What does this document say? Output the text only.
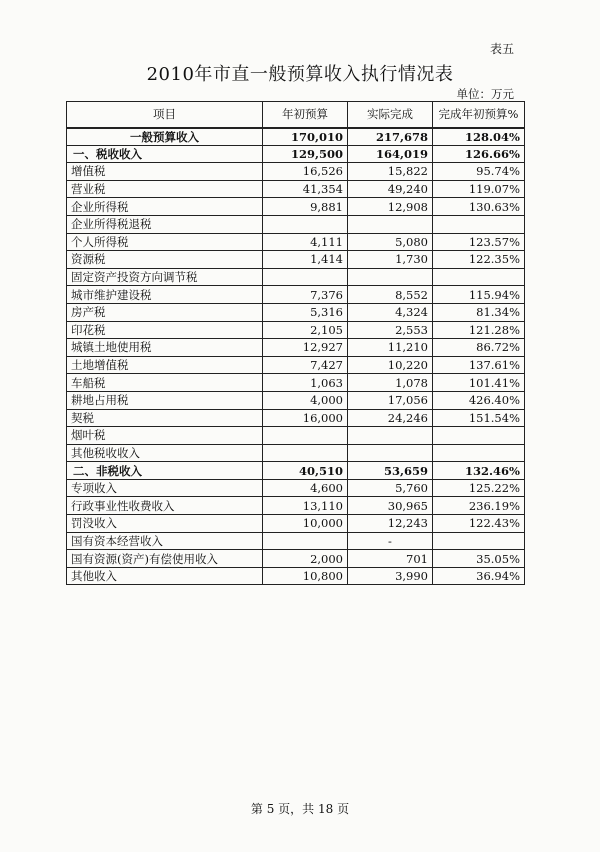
表五
2010年市直一般预算收入执行情况表
单位：万元
项目	年初预算	实际完成	完成年初预算%
一般预算收入	170,010	217,678	128.04%
一、税收收入	129,500	164,019	126.66%
增值税	16,526	15,822	95.74%
营业税	41,354	49,240	119.07%
企业所得税	9,881	12,908	130.63%
企业所得税退税			
个人所得税	4,111	5,080	123.57%
资源税	1,414	1,730	122.35%
固定资产投资方向调节税			
城市维护建设税	7,376	8,552	115.94%
房产税	5,316	4,324	81.34%
印花税	2,105	2,553	121.28%
城镇土地使用税	12,927	11,210	86.72%
土地增值税	7,427	10,220	137.61%
车船税	1,063	1,078	101.41%
耕地占用税	4,000	17,056	426.40%
契税	16,000	24,246	151.54%
烟叶税			
其他税收收入			
二、非税收入	40,510	53,659	132.46%
专项收入	4,600	5,760	125.22%
行政事业性收费收入	13,110	30,965	236.19%
罚没收入	10,000	12,243	122.43%
国有资本经营收入		-	
国有资源(资产)有偿使用收入	2,000	701	35.05%
其他收入	10,800	3,990	36.94%
第 5 页，共 18 页
